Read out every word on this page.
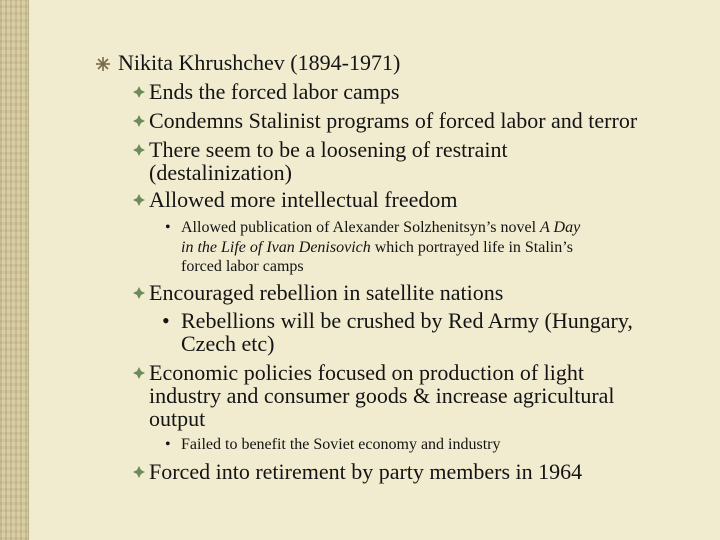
Nikita Khrushchev (1894-1971)
Ends the forced labor camps
Condemns Stalinist programs of forced labor and terror
There seem to be a loosening of restraint
(destalinization)
Allowed more intellectual freedom
• Allowed publication of Alexander Solzhenitsyn’s novel A Day
in the Life of Ivan Denisovich which portrayed life in Stalin’s
forced labor camps
Encouraged rebellion in satellite nations
• Rebellions will be crushed by Red Army (Hungary,
Czech etc)
Economic policies focused on production of light
industry and consumer goods & increase agricultural
output
• Failed to benefit the Soviet economy and industry
Forced into retirement by party members in 1964
